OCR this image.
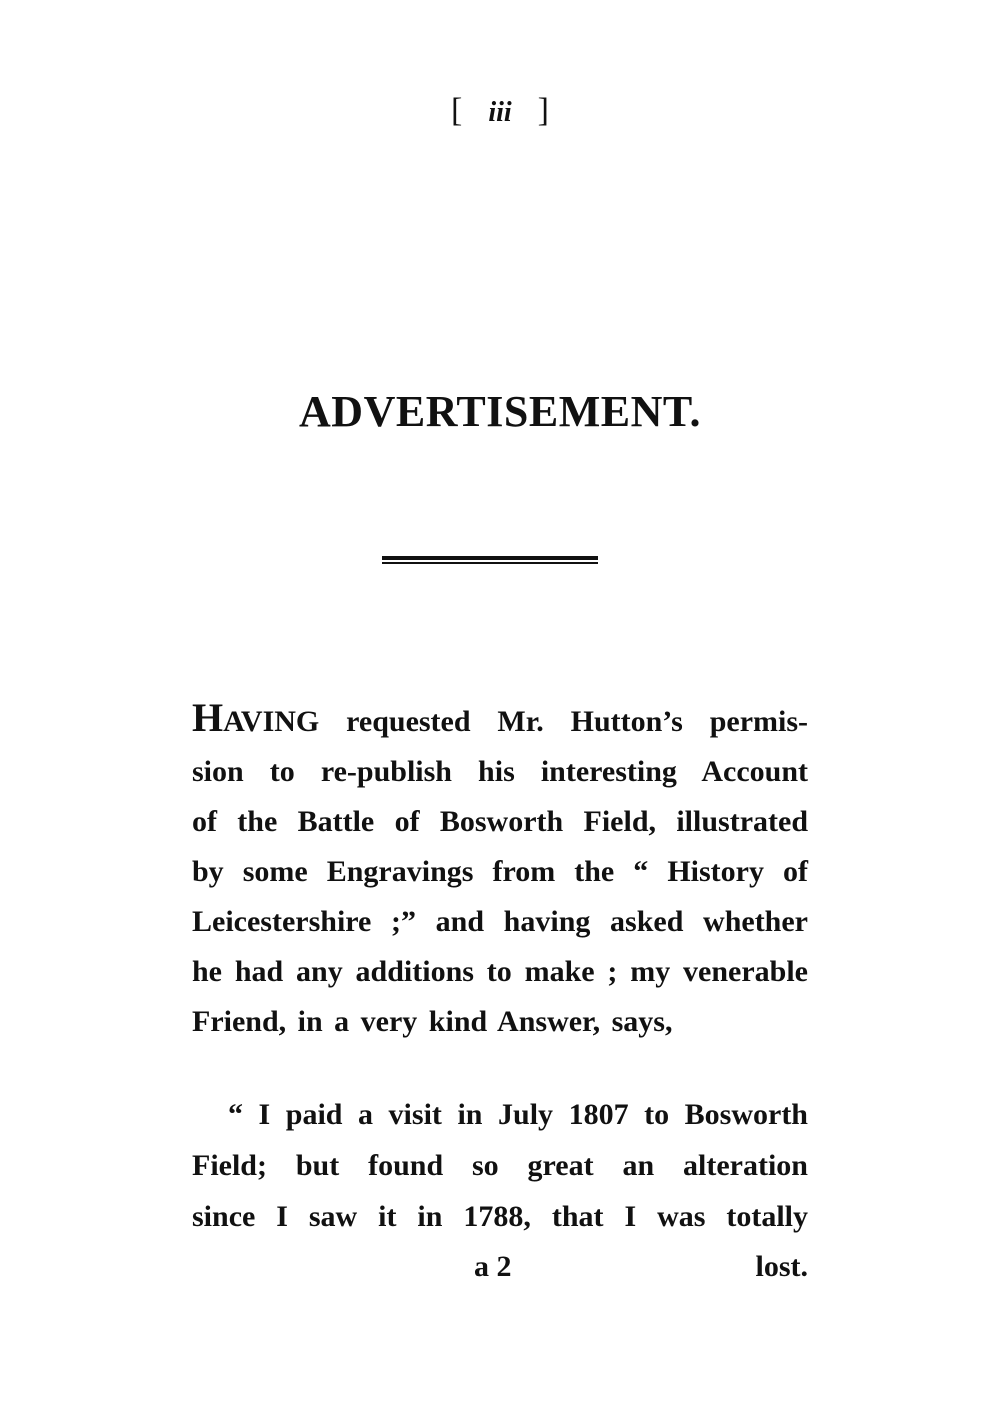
[ iii ]
ADVERTISEMENT.
HAVING requested Mr. Hutton’s permis-
sion to re-publish his interesting Account
of the Battle of Bosworth Field, illustrated
by some Engravings from the “ History of
Leicestershire ;” and having asked whether
he had any additions to make ; my venerable
Friend, in a very kind Answer, says,
“ I paid a visit in July 1807 to Bosworth
Field; but found so great an alteration
since I saw it in 1788, that I was totally
a 2	lost.
